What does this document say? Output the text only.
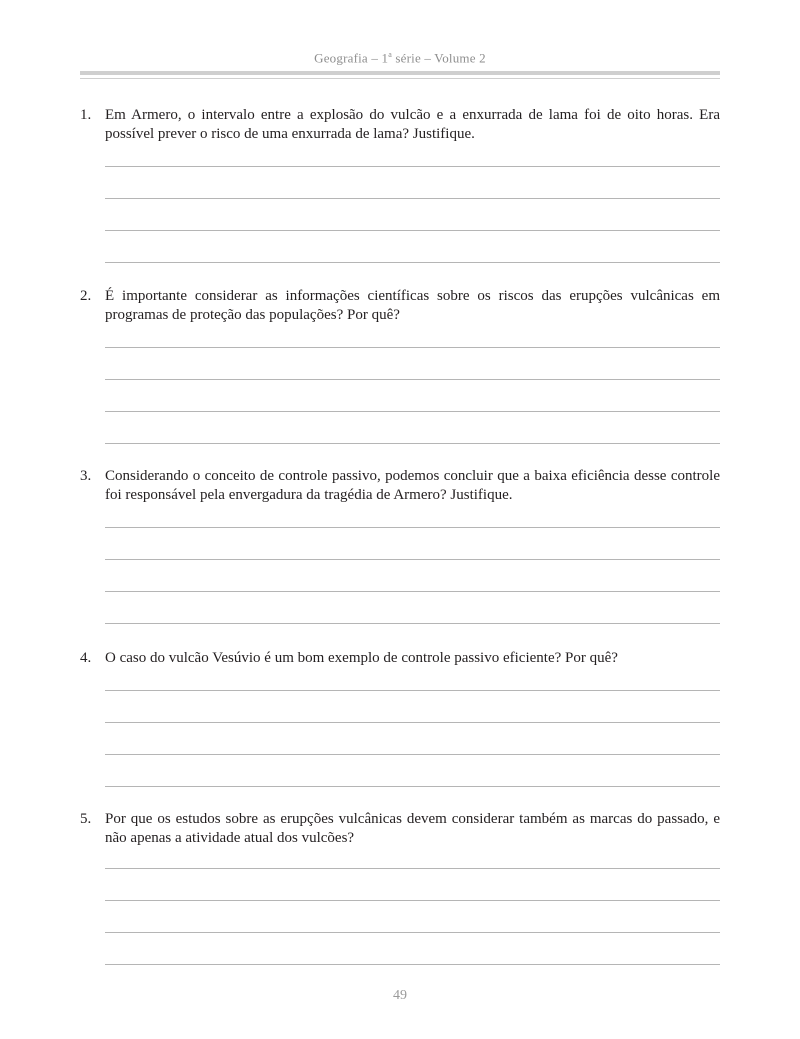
Geografia – 1$^a$ série – Volume 2
1. Em Armero, o intervalo entre a explosão do vulcão e a enxurrada de lama foi de oito horas. Era possível prever o risco de uma enxurrada de lama? Justifique.
2. É importante considerar as informações científicas sobre os riscos das erupções vulcânicas em programas de proteção das populações? Por quê?
3. Considerando o conceito de controle passivo, podemos concluir que a baixa eficiência desse controle foi responsável pela envergadura da tragédia de Armero? Justifique.
4. O caso do vulcão Vesúvio é um bom exemplo de controle passivo eficiente? Por quê?
5. Por que os estudos sobre as erupções vulcânicas devem considerar também as marcas do passado, e não apenas a atividade atual dos vulcões?
49
